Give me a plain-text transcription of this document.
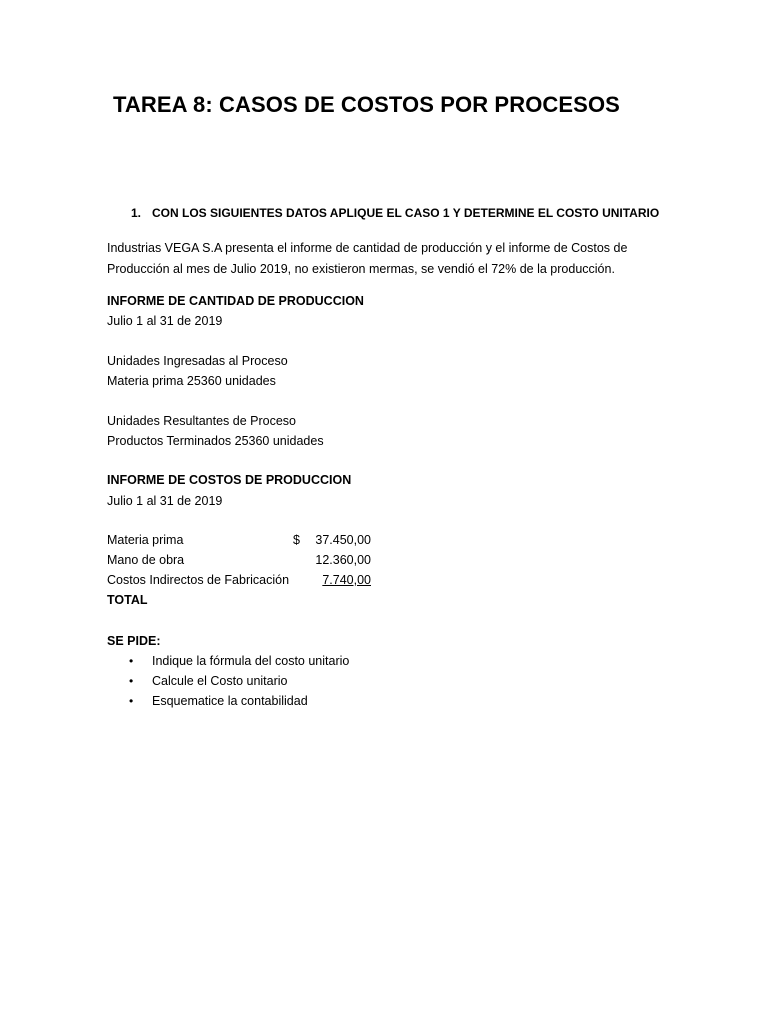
TAREA 8: CASOS DE COSTOS POR PROCESOS
1. CON LOS SIGUIENTES DATOS APLIQUE EL CASO 1 Y DETERMINE EL COSTO UNITARIO
Industrias VEGA S.A presenta el informe de cantidad de producción y el informe de Costos de
Producción al mes de Julio 2019, no existieron mermas, se vendió el 72% de la producción.
INFORME DE CANTIDAD DE PRODUCCION
Julio 1 al 31 de 2019
Unidades Ingresadas al Proceso
Materia prima 25360 unidades
Unidades Resultantes de Proceso
Productos Terminados 25360 unidades
INFORME DE COSTOS DE PRODUCCION
Julio 1 al 31 de 2019
Materia prima	$ 37.450,00
Mano de obra	12.360,00
Costos Indirectos de Fabricación	7.740,00
TOTAL
SE PIDE:
• Indique la fórmula del costo unitario
• Calcule el Costo unitario
• Esquematice la contabilidad
